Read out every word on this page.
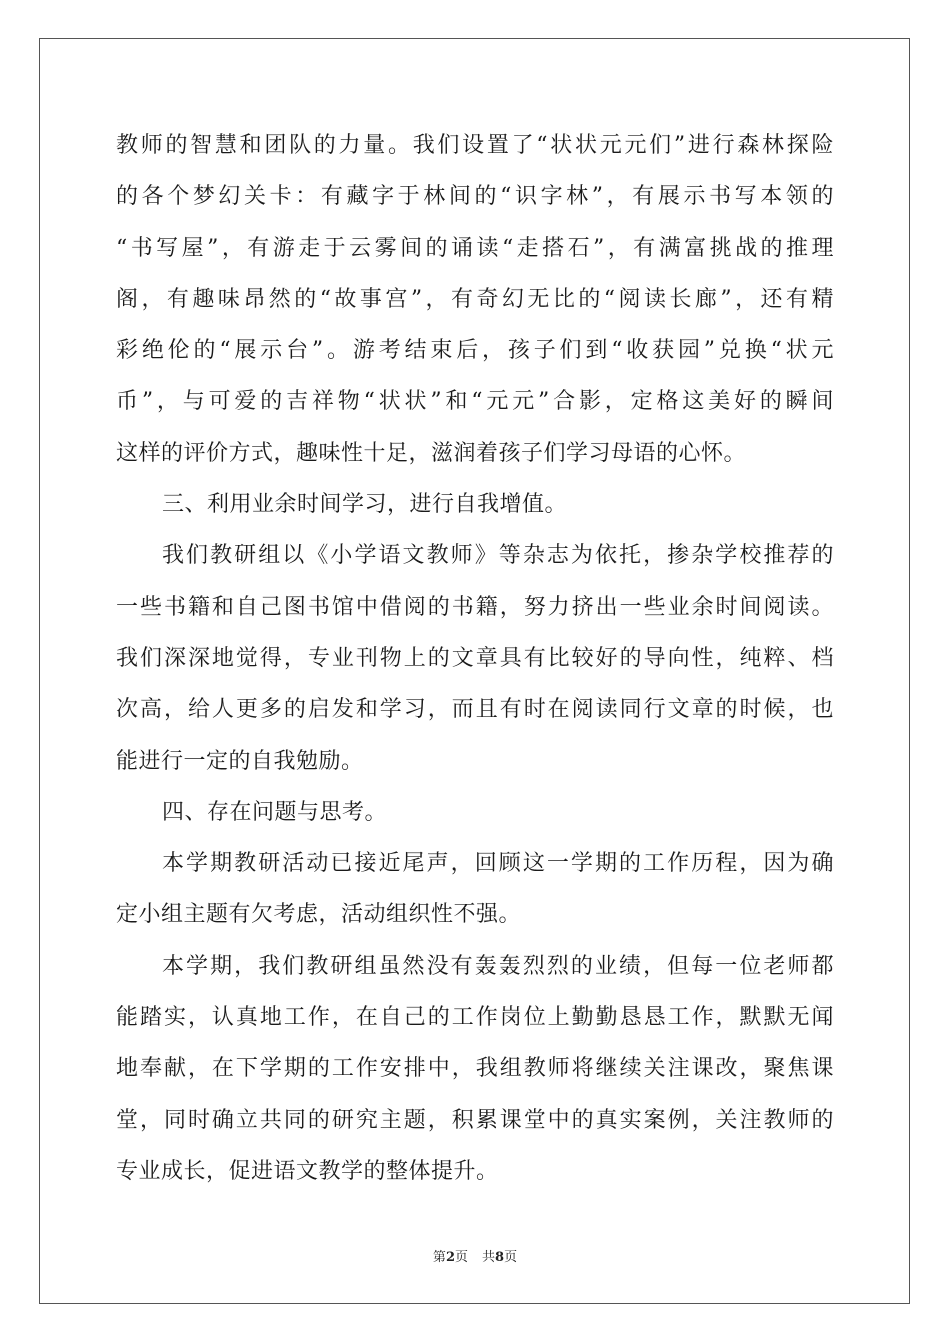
教师的智慧和团队的力量。我们设置了“状状元元们”进行森林探险
的各个梦幻关卡：有藏字于林间的“识字林”，有展示书写本领的
“书写屋”，有游走于云雾间的诵读“走搭石”，有满富挑战的推理
阁，有趣味昂然的“故事宫”，有奇幻无比的“阅读长廊”，还有精
彩绝伦的“展示台”。游考结束后，孩子们到“收获园”兑换“状元
币”，与可爱的吉祥物“状状”和“元元”合影，定格这美好的瞬间
这样的评价方式，趣味性十足，滋润着孩子们学习母语的心怀。
三、利用业余时间学习，进行自我增值。
我们教研组以《小学语文教师》等杂志为依托，掺杂学校推荐的
一些书籍和自己图书馆中借阅的书籍，努力挤出一些业余时间阅读。
我们深深地觉得，专业刊物上的文章具有比较好的导向性，纯粹、档
次高，给人更多的启发和学习，而且有时在阅读同行文章的时候，也
能进行一定的自我勉励。
四、存在问题与思考。
本学期教研活动已接近尾声，回顾这一学期的工作历程，因为确
定小组主题有欠考虑，活动组织性不强。
本学期，我们教研组虽然没有轰轰烈烈的业绩，但每一位老师都
能踏实，认真地工作，在自己的工作岗位上勤勤恳恳工作，默默无闻
地奉献，在下学期的工作安排中，我组教师将继续关注课改，聚焦课
堂，同时确立共同的研究主题，积累课堂中的真实案例，关注教师的
专业成长，促进语文教学的整体提升。
第2页 共8页
